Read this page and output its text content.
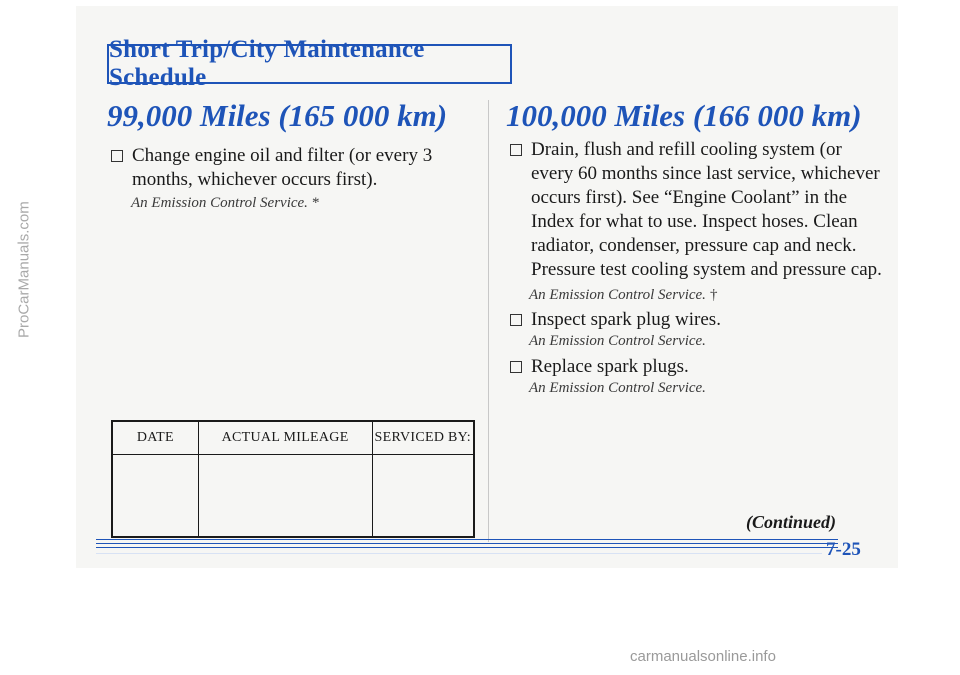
ProCarManuals.com
Short Trip/City Maintenance Schedule
99,000 Miles (165 000 km)
Change engine oil and filter (or every 3 months, whichever occurs first).
An Emission Control Service. *
DATE	ACTUAL MILEAGE	SERVICED BY:

100,000 Miles (166 000 km)
Drain, flush and refill cooling system (or every 60 months since last service, whichever occurs first). See “Engine Coolant” in the Index for what to use. Inspect hoses. Clean radiator, condenser, pressure cap and neck. Pressure test cooling system and pressure cap.
An Emission Control Service. †
Inspect spark plug wires.
An Emission Control Service.
Replace spark plugs.
An Emission Control Service.
(Continued)
7-25
carmanualsonline.info
